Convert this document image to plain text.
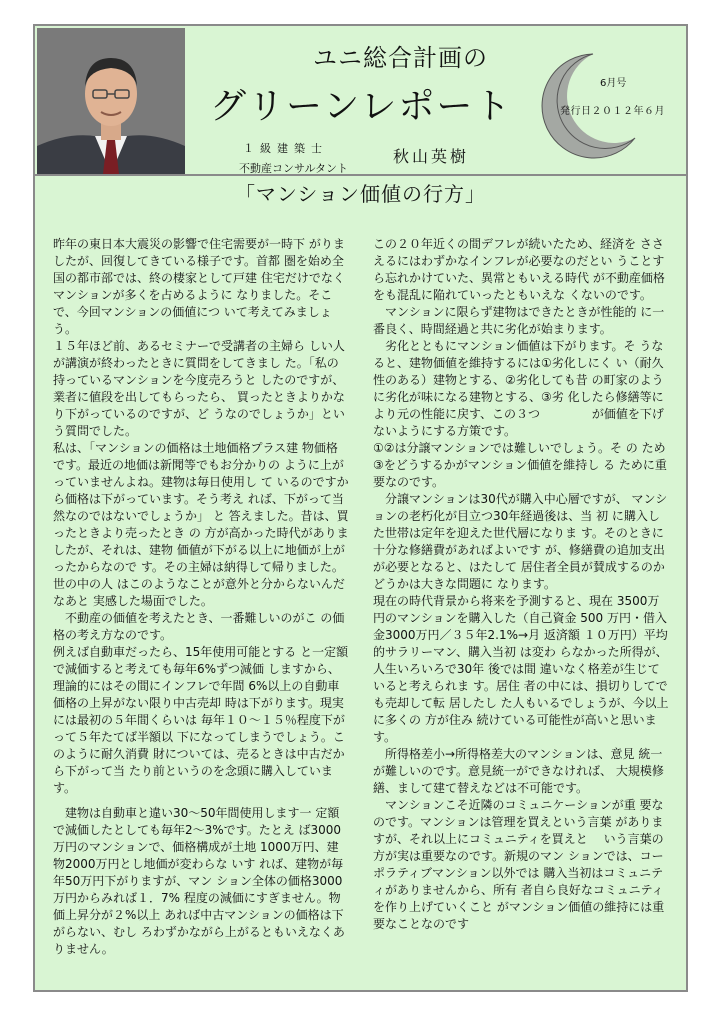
ユニ総合計画の
グリーンレポート
１級建築士
不動産コンサルタント
秋山英樹
6月号
発行日２０１２年６月
「マンション価値の行方」

昨年の東日本大震災の影響で住宅需要が一時下 がりましたが、回復してきている様子です。首都 圏を始め全国の都市部では、終の棲家として戸建 住宅だけでなくマンションが多くを占めるように なりました。そこで、今回マンションの価値につ いて考えてみましょう。

１５年ほど前、あるセミナーで受講者の主婦ら しい人が講演が終わったときに質問をしてきまし た。「私の持っているマンションを今度売ろうと したのですが、業者に値段を出してもらったら、 買ったときよりかなり下がっているのですが、ど うなのでしょうか」という質問でした。

私は、「マンションの価格は土地価格プラス建 物価格です。最近の地価は新聞等でもお分かりの ように上がっていませんよね。建物は毎日使用し て いるのですから価格は下がっています。そう考え れば、下がって当然なのではないでしょうか」 と 答えました。昔は、買ったときより売ったとき の 方が高かった時代がありましたが、それは、建物 価値が下がる以上に地価が上がったからなので す。その主婦は納得して帰りました。世の中の人 はこのようなことが意外と分からないんだなあと 実感した場面でした。

　不動産の価値を考えたとき、一番難しいのがこ の価格の考え方なのです。

例えば自動車だったら、15年使用可能とする と一定額で減価すると考えても毎年6%ずつ減価 しますから、理論的にはその間にインフレで年間 6%以上の自動車価格の上昇がない限り中古売却 時は下がります。現実には最初の５年間くらいは 毎年１０～１５％程度下がって５年たてば半額以 下になってしまうでしょう。このように耐久消費 財については、売るときは中古だから下がって当 たり前というのを念頭に購入しています。

　建物は自動車と違い30～50年間使用します一 定額で減価したとしても毎年2～3%です。たとえ ば3000万円のマンションで、価格構成が土地 1000万円、建物2000万円とし地価が変わらな いす れば、建物が毎年50万円下がりますが、マン ション全体の価格3000万円からみれば１．7% 程度の減価にすぎません。物価上昇分が２%以上 あれば中古マンションの価格は下がらない、むし ろわずかながら上がるともいえなくありません。

この２０年近くの間デフレが続いたため、経済を ささえるにはわずかなインフレが必要なのだとい うことすら忘れかけていた、異常ともいえる時代 が不動産価格をも混乱に陥れていったともいえな くないのです。

　マンションに限らず建物はできたときが性能的 に一番良く、時間経過と共に劣化が始まります。

　劣化とともにマンション価値は下がります。そ うなると、建物価値を維持するには①劣化しにく い（耐久性のある）建物とする、②劣化しても昔 の町家のように劣化が味になる建物とする、③劣 化したら修繕等により元の性能に戻す、この３つ 　　　　が価値を下げないようにする方策です。

①②は分譲マンションでは難しいでしょう。そ の ため③をどうするかがマンション価値を維持し る ために重要なのです。

　分譲マンションは30代が購入中心層ですが、 マンションの老朽化が目立つ30年経過後は、当 初 に購入した世帯は定年を迎えた世代層になりま す。そのときに十分な修繕費があればよいです が、修繕費の追加支出が必要となると、はたして 居住者全員が賛成するのかどうかは大きな問題に なります。

現在の時代背景から将来を予測すると、現在 3500万円のマンションを購入した（自己資金 500 万円・借入金3000万円／３５年2.1%→月 返済額 １０万円）平均的サラリーマン、購入当初 は変わ らなかった所得が、人生いろいろで30年 後では間 違いなく格差が生じていると考えられま す。居住 者の中には、損切りしてでも売却して転 居したし た人もいるでしょうが、今以上に多くの 方が住み 続けている可能性が高いと思います。

　所得格差小→所得格差大のマンションは、意見 統一が難しいのです。意見統一ができなければ、 大規模修繕、まして建て替えなどは不可能です。

　マンションこそ近隣のコミュニケーションが重 要なのです。マンションは管理を買えという言葉 がありますが、それ以上にコミュニティを買えと 　いう言葉の方が実は重要なのです。新規のマン ションでは、コーポラティブマンション以外では 購入当初はコミュニティがありませんから、所有 者自ら良好なコミュニティを作り上げていくこと がマンション価値の維持には重要なことなのです
